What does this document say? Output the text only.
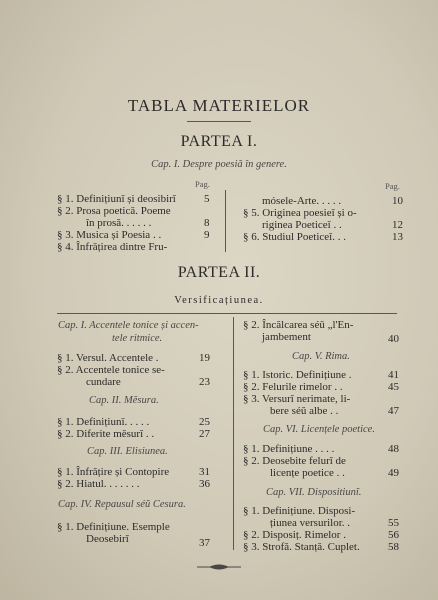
TABLA MATERIELOR
PARTEA I.
Cap. I. Despre poesiă în genere.
Pag.	Pag.
§ 1. Definițiunĭ și deosibirĭ	5
§ 2. Prosa poetică. Poeme
în prosă. . . . . .	8
§ 3. Musica și Poesia . .	9
§ 4. Înfrățirea dintre Fru-
mósele-Arte. . . . .	10
§ 5. Originea poesieĭ și o-
riginea Poeticeĭ . .	12
§ 6. Studiul Poeticeĭ. . .	13
PARTEA II.
Versificațiunea.
Cap. I. Accentele tonice și accen-
tele ritmice.
§ 1. Versul. Accentele .	19
§ 2. Accentele tonice se-
cundare	23
Cap. II. Mĕsura.
§ 1. Definițiunĭ. . . . .	25
§ 2. Diferite mĕsurĭ . .	27
Cap. III. Elisiunea.
§ 1. Înfrățire și Contopire	31
§ 2. Hiatul. . . . . . .	36
Cap. IV. Repausul séŭ Cesura.
§ 1. Definițiune. Esemple
Deosebirĭ	37
§ 2. Încălcarea séŭ „l'En-
jambement	40
Cap. V. Rima.
§ 1. Istoric. Definițiune .	41
§ 2. Felurile rimelor . .	45
§ 3. Versurĭ nerimate, li-
bere séŭ albe . .	47
Cap. VI. Licențele poetice.
§ 1. Definițiune . . . .	48
§ 2. Deosebite felurĭ de
licențe poetice . .	49
Cap. VII. Dispositiunĭ.
§ 1. Definițiune. Disposi-
țiunea versurilor. .	55
§ 2. Disposiț. Rimelor .	56
§ 3. Strofă. Stanță. Cuplet.	58
